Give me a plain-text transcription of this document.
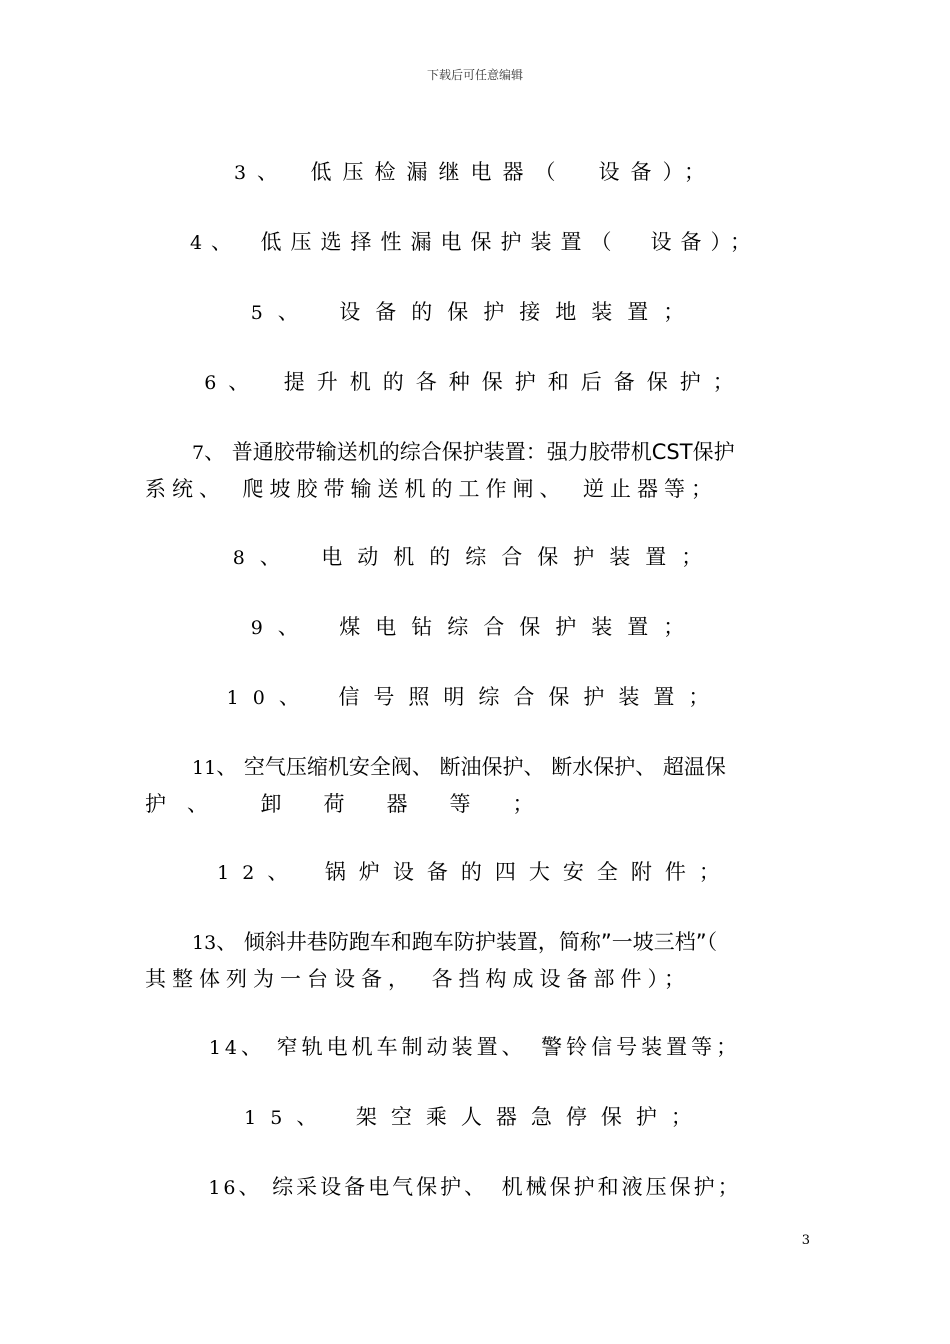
下载后可任意编辑
3、　低压检漏继电器（　设备）；
4、　低压选择性漏电保护装置（　设备）；
5、　设备的保护接地装置；
6、　提升机的各种保护和后备保护；
7、 普通胶带输送机的综合保护装置：强力胶带机CST保护
系统、　爬坡胶带输送机的工作闸、　逆止器等；
8、　电动机的综合保护装置；
9、　煤电钻综合保护装置；
10、　信号照明综合保护装置；
11、 空气压缩机安全阀、 断油保护、 断水保护、 超温保
护　、　　　卸　　荷　　器　　等　　；
12、　锅炉设备的四大安全附件；
13、 倾斜井巷防跑车和跑车防护装置，简称”一坡三档”（
其整体列为一台设备，　各挡构成设备部件）；
14、 窄轨电机车制动装置、　警铃信号装置等；
15、　架空乘人器急停保护；
16、 综采设备电气保护、　机械保护和液压保护；
3
